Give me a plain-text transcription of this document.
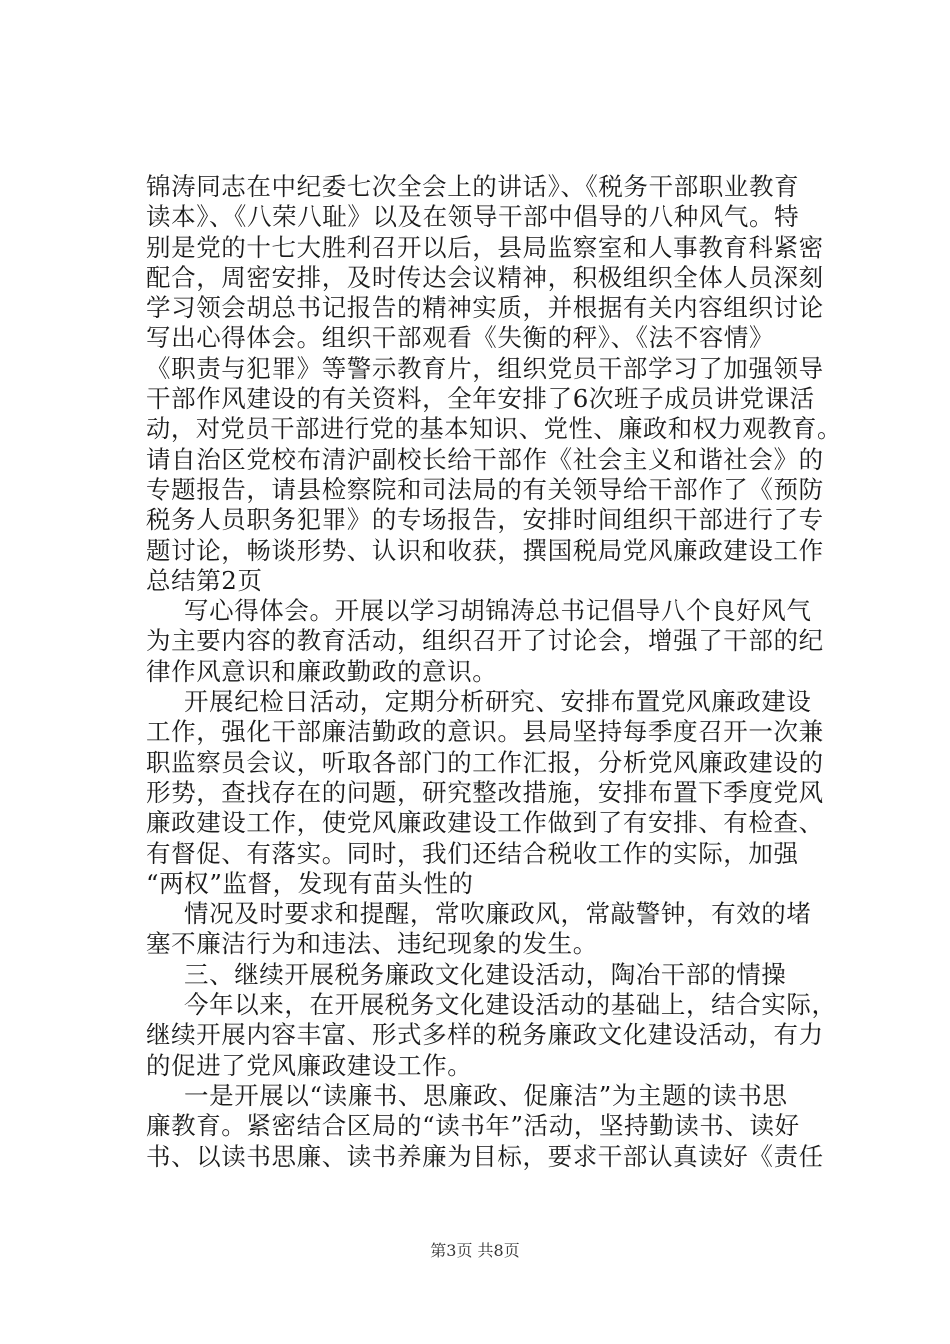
锦涛同志在中纪委七次全会上的讲话》、《税务干部职业教育
读本》、《八荣八耻》以及在领导干部中倡导的八种风气。特
别是党的十七大胜利召开以后，县局监察室和人事教育科紧密
配合，周密安排，及时传达会议精神，积极组织全体人员深刻
学习领会胡总书记报告的精神实质，并根据有关内容组织讨论
写出心得体会。组织干部观看《失衡的秤》、《法不容情》
《职责与犯罪》等警示教育片，组织党员干部学习了加强领导
干部作风建设的有关资料，全年安排了6次班子成员讲党课活
动，对党员干部进行党的基本知识、党性、廉政和权力观教育。
请自治区党校布清沪副校长给干部作《社会主义和谐社会》的
专题报告，请县检察院和司法局的有关领导给干部作了《预防
税务人员职务犯罪》的专场报告，安排时间组织干部进行了专
题讨论，畅谈形势、认识和收获，撰国税局党风廉政建设工作
总结第2页
写心得体会。开展以学习胡锦涛总书记倡导八个良好风气
为主要内容的教育活动，组织召开了讨论会，增强了干部的纪
律作风意识和廉政勤政的意识。
开展纪检日活动，定期分析研究、安排布置党风廉政建设
工作，强化干部廉洁勤政的意识。县局坚持每季度召开一次兼
职监察员会议，听取各部门的工作汇报，分析党风廉政建设的
形势，查找存在的问题，研究整改措施，安排布置下季度党风
廉政建设工作，使党风廉政建设工作做到了有安排、有检查、
有督促、有落实。同时，我们还结合税收工作的实际，加强
“两权”监督，发现有苗头性的
情况及时要求和提醒，常吹廉政风，常敲警钟，有效的堵
塞不廉洁行为和违法、违纪现象的发生。
三、继续开展税务廉政文化建设活动，陶冶干部的情操
今年以来，在开展税务文化建设活动的基础上，结合实际，
继续开展内容丰富、形式多样的税务廉政文化建设活动，有力
的促进了党风廉政建设工作。
一是开展以“读廉书、思廉政、促廉洁”为主题的读书思
廉教育。紧密结合区局的“读书年”活动，坚持勤读书、读好
书、以读书思廉、读书养廉为目标，要求干部认真读好《责任
第3页 共8页
